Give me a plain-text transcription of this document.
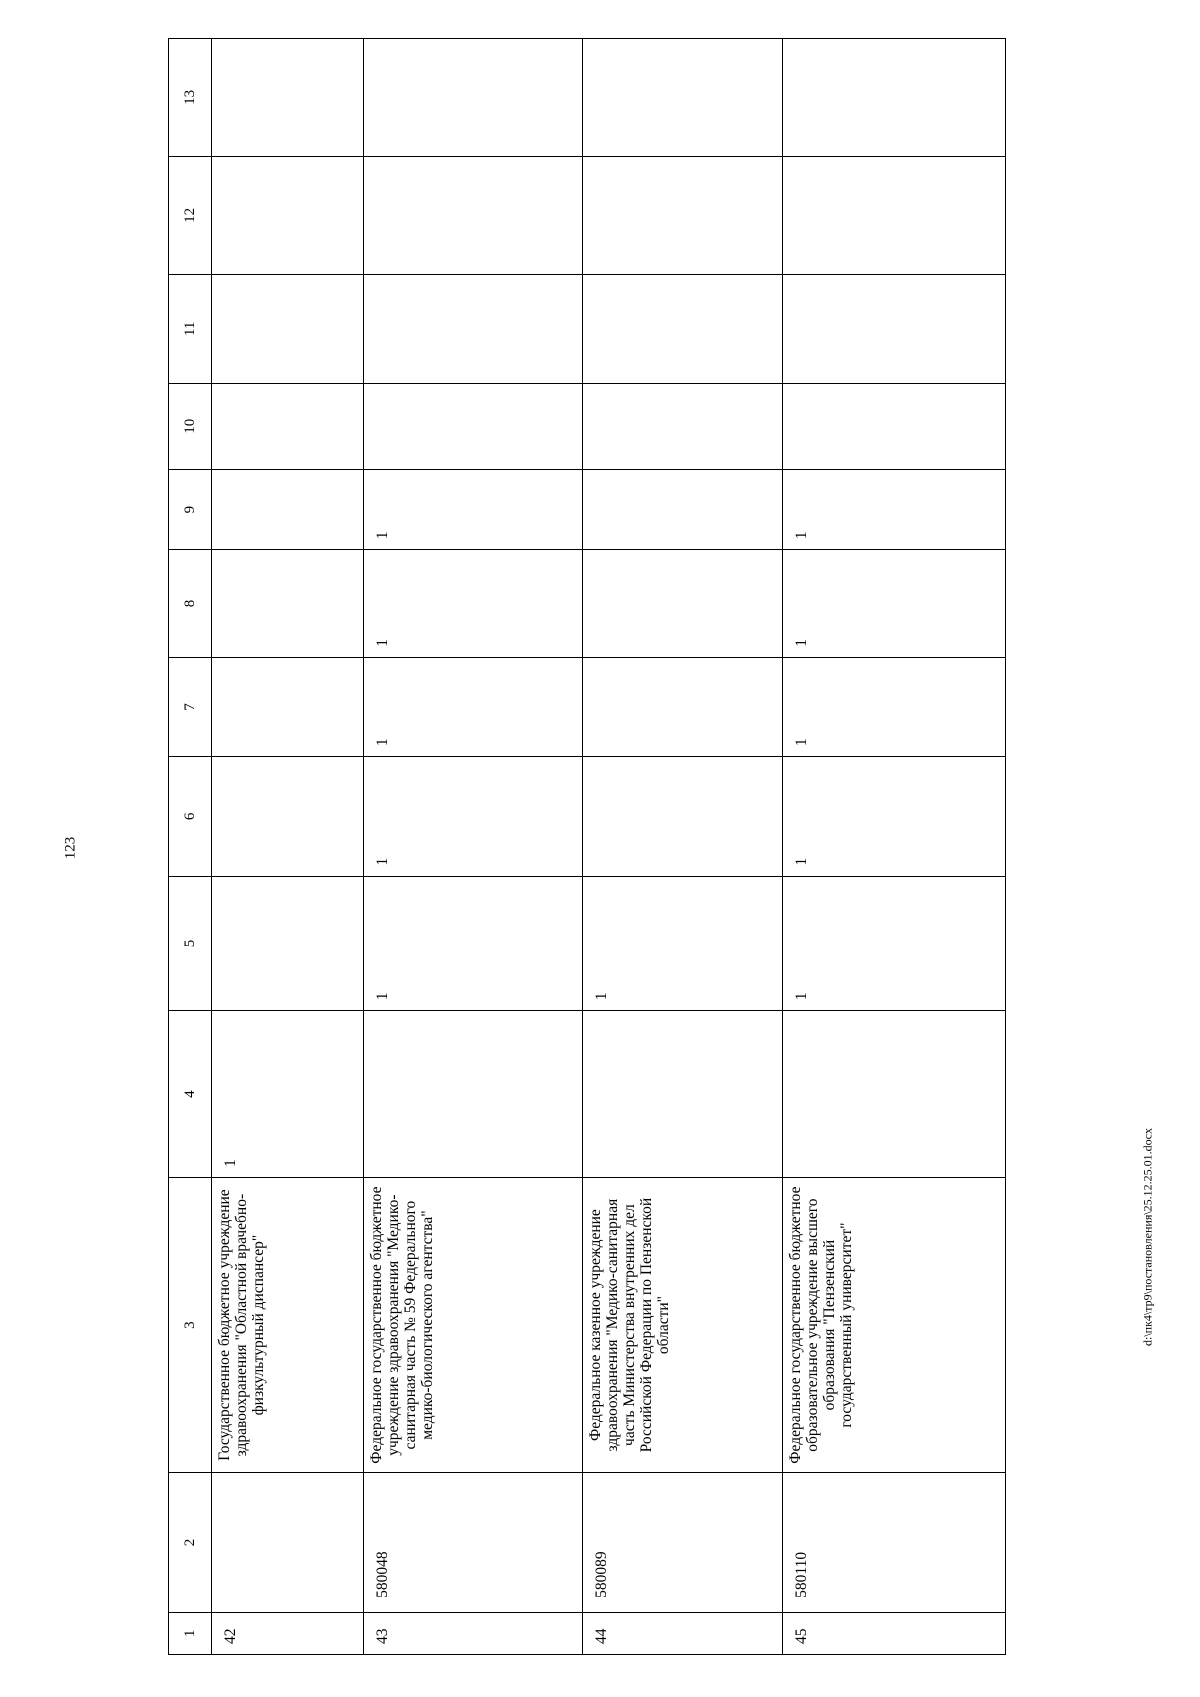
123
1	2	3	4	5	6	7	8	9	10	11	12	13
42		Государственное бюджетное учреждение здравоохранения "Областной врачебно-физкультурный диспансер"	1									
43	580048	Федеральное государственное бюджетное учреждение здравоохранения "Медико-санитарная часть № 59 Федерального медико-биологического агентства"		1	1	1	1	1				
44	580089	Федеральное казенное учреждение здравоохранения "Медико-санитарная часть Министерства внутренних дел Российской Федерации по Пензенской области"		1								
45	580110	Федеральное государственное бюджетное образовательное учреждение высшего образования "Пензенский государственный университет"		1	1	1	1	1				
d:\пк4\тр9\постановления\25.12.25.01.docx
